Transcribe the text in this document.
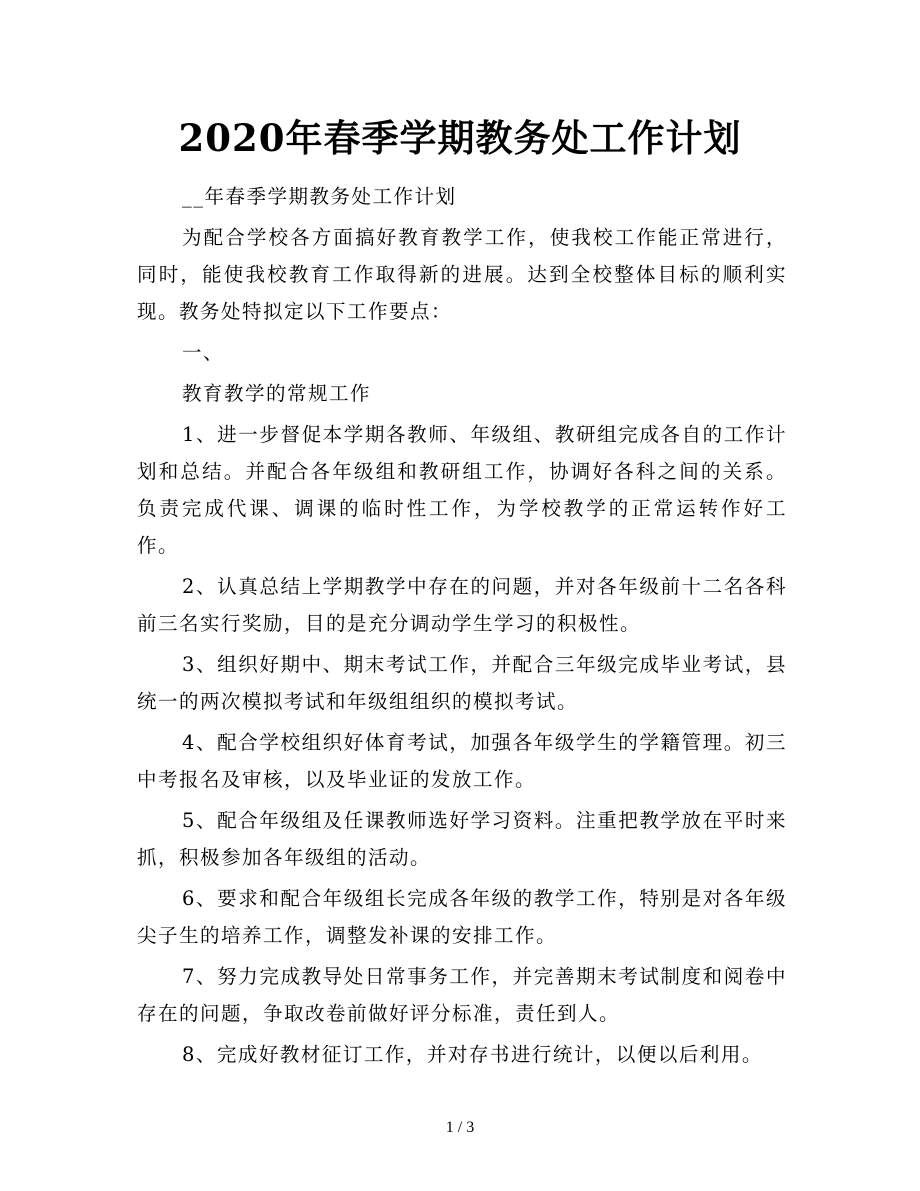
2020年春季学期教务处工作计划

__年春季学期教务处工作计划

为配合学校各方面搞好教育教学工作，使我校工作能正常进行，同时，能使我校教育工作取得新的进展。达到全校整体目标的顺利实现。教务处特拟定以下工作要点：

一、

教育教学的常规工作

1、进一步督促本学期各教师、年级组、教研组完成各自的工作计划和总结。并配合各年级组和教研组工作，协调好各科之间的关系。负责完成代课、调课的临时性工作，为学校教学的正常运转作好工作。

2、认真总结上学期教学中存在的问题，并对各年级前十二名各科前三名实行奖励，目的是充分调动学生学习的积极性。

3、组织好期中、期末考试工作，并配合三年级完成毕业考试，县统一的两次模拟考试和年级组组织的模拟考试。

4、配合学校组织好体育考试，加强各年级学生的学籍管理。初三中考报名及审核，以及毕业证的发放工作。

5、配合年级组及任课教师选好学习资料。注重把教学放在平时来抓，积极参加各年级组的活动。

6、要求和配合年级组长完成各年级的教学工作，特别是对各年级尖子生的培养工作，调整发补课的安排工作。

7、努力完成教导处日常事务工作，并完善期末考试制度和阅卷中存在的问题，争取改卷前做好评分标准，责任到人。

8、完成好教材征订工作，并对存书进行统计，以便以后利用。

1 / 3
